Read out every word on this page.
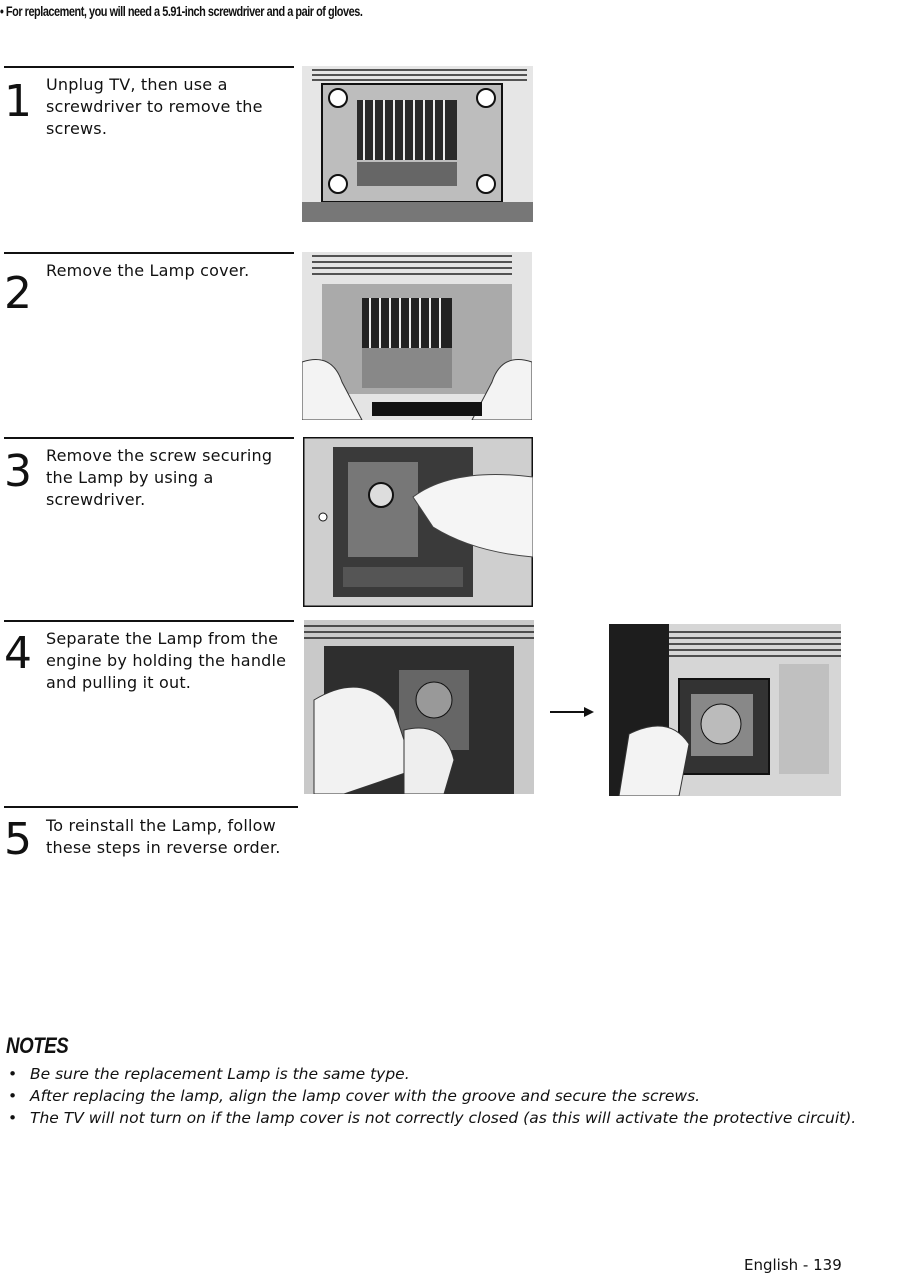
• For replacement, you will need a 5.91-inch screwdriver and a pair of gloves.
1 Unplug TV, then use a screwdriver to remove the screws.
2 Remove the Lamp cover.
3 Remove the screw securing the Lamp by using a screwdriver.
4 Separate the Lamp from the engine by holding the handle and pulling it out.
5 To reinstall the Lamp, follow these steps in reverse order.
NOTES
• Be sure the replacement Lamp is the same type.
• After replacing the lamp, align the lamp cover with the groove and secure the screws.
• The TV will not turn on if the lamp cover is not correctly closed (as this will activate the protective circuit).
English - 139
